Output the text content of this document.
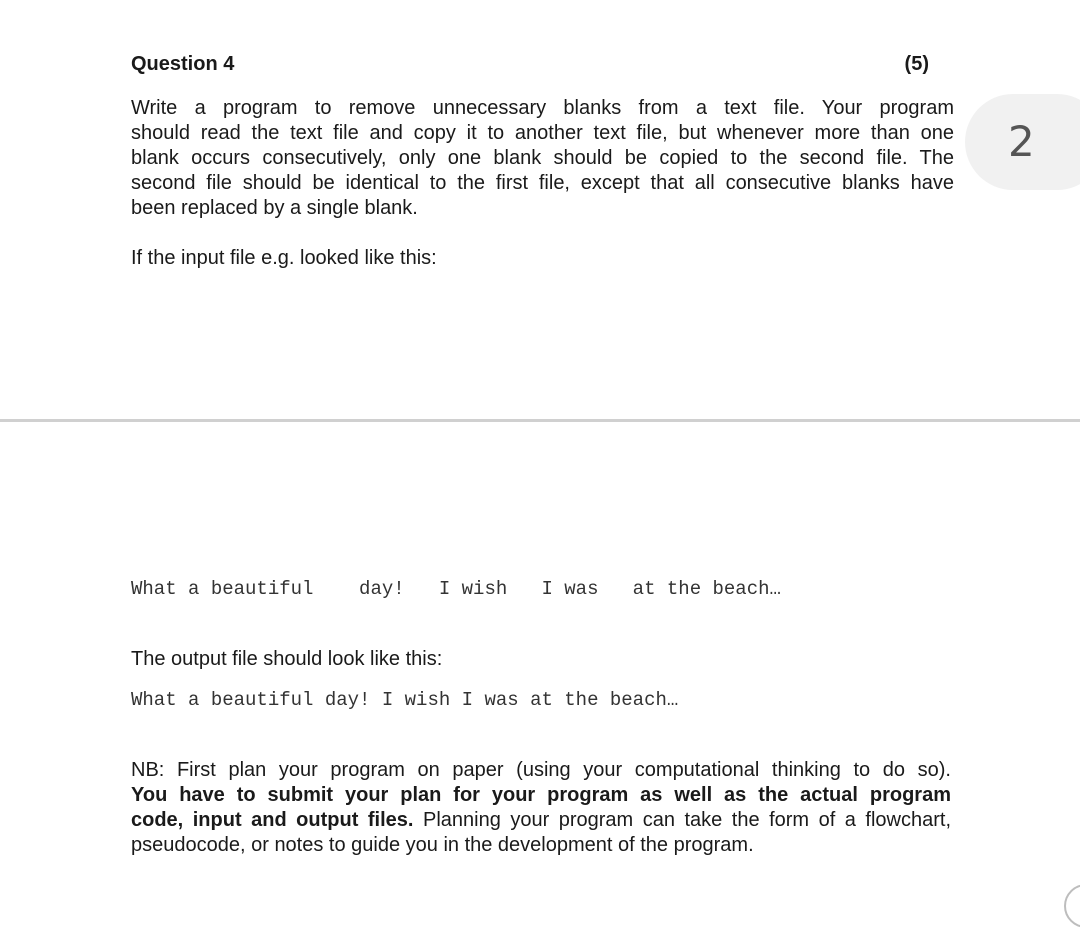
Question 4	(5)
2
Write a program to remove unnecessary blanks from a text file. Your program
should read the text file and copy it to another text file, but whenever more than one
blank occurs consecutively, only one blank should be copied to the second file. The
second file should be identical to the first file, except that all consecutive blanks have
been replaced by a single blank.
If the input file e.g. looked like this:
What a beautiful    day!   I wish   I was   at the beach…
The output file should look like this:
What a beautiful day! I wish I was at the beach…
NB: First plan your program on paper (using your computational thinking to do so).
You have to submit your plan for your program as well as the actual program
code, input and output files. Planning your program can take the form of a flowchart,
pseudocode, or notes to guide you in the development of the program.
